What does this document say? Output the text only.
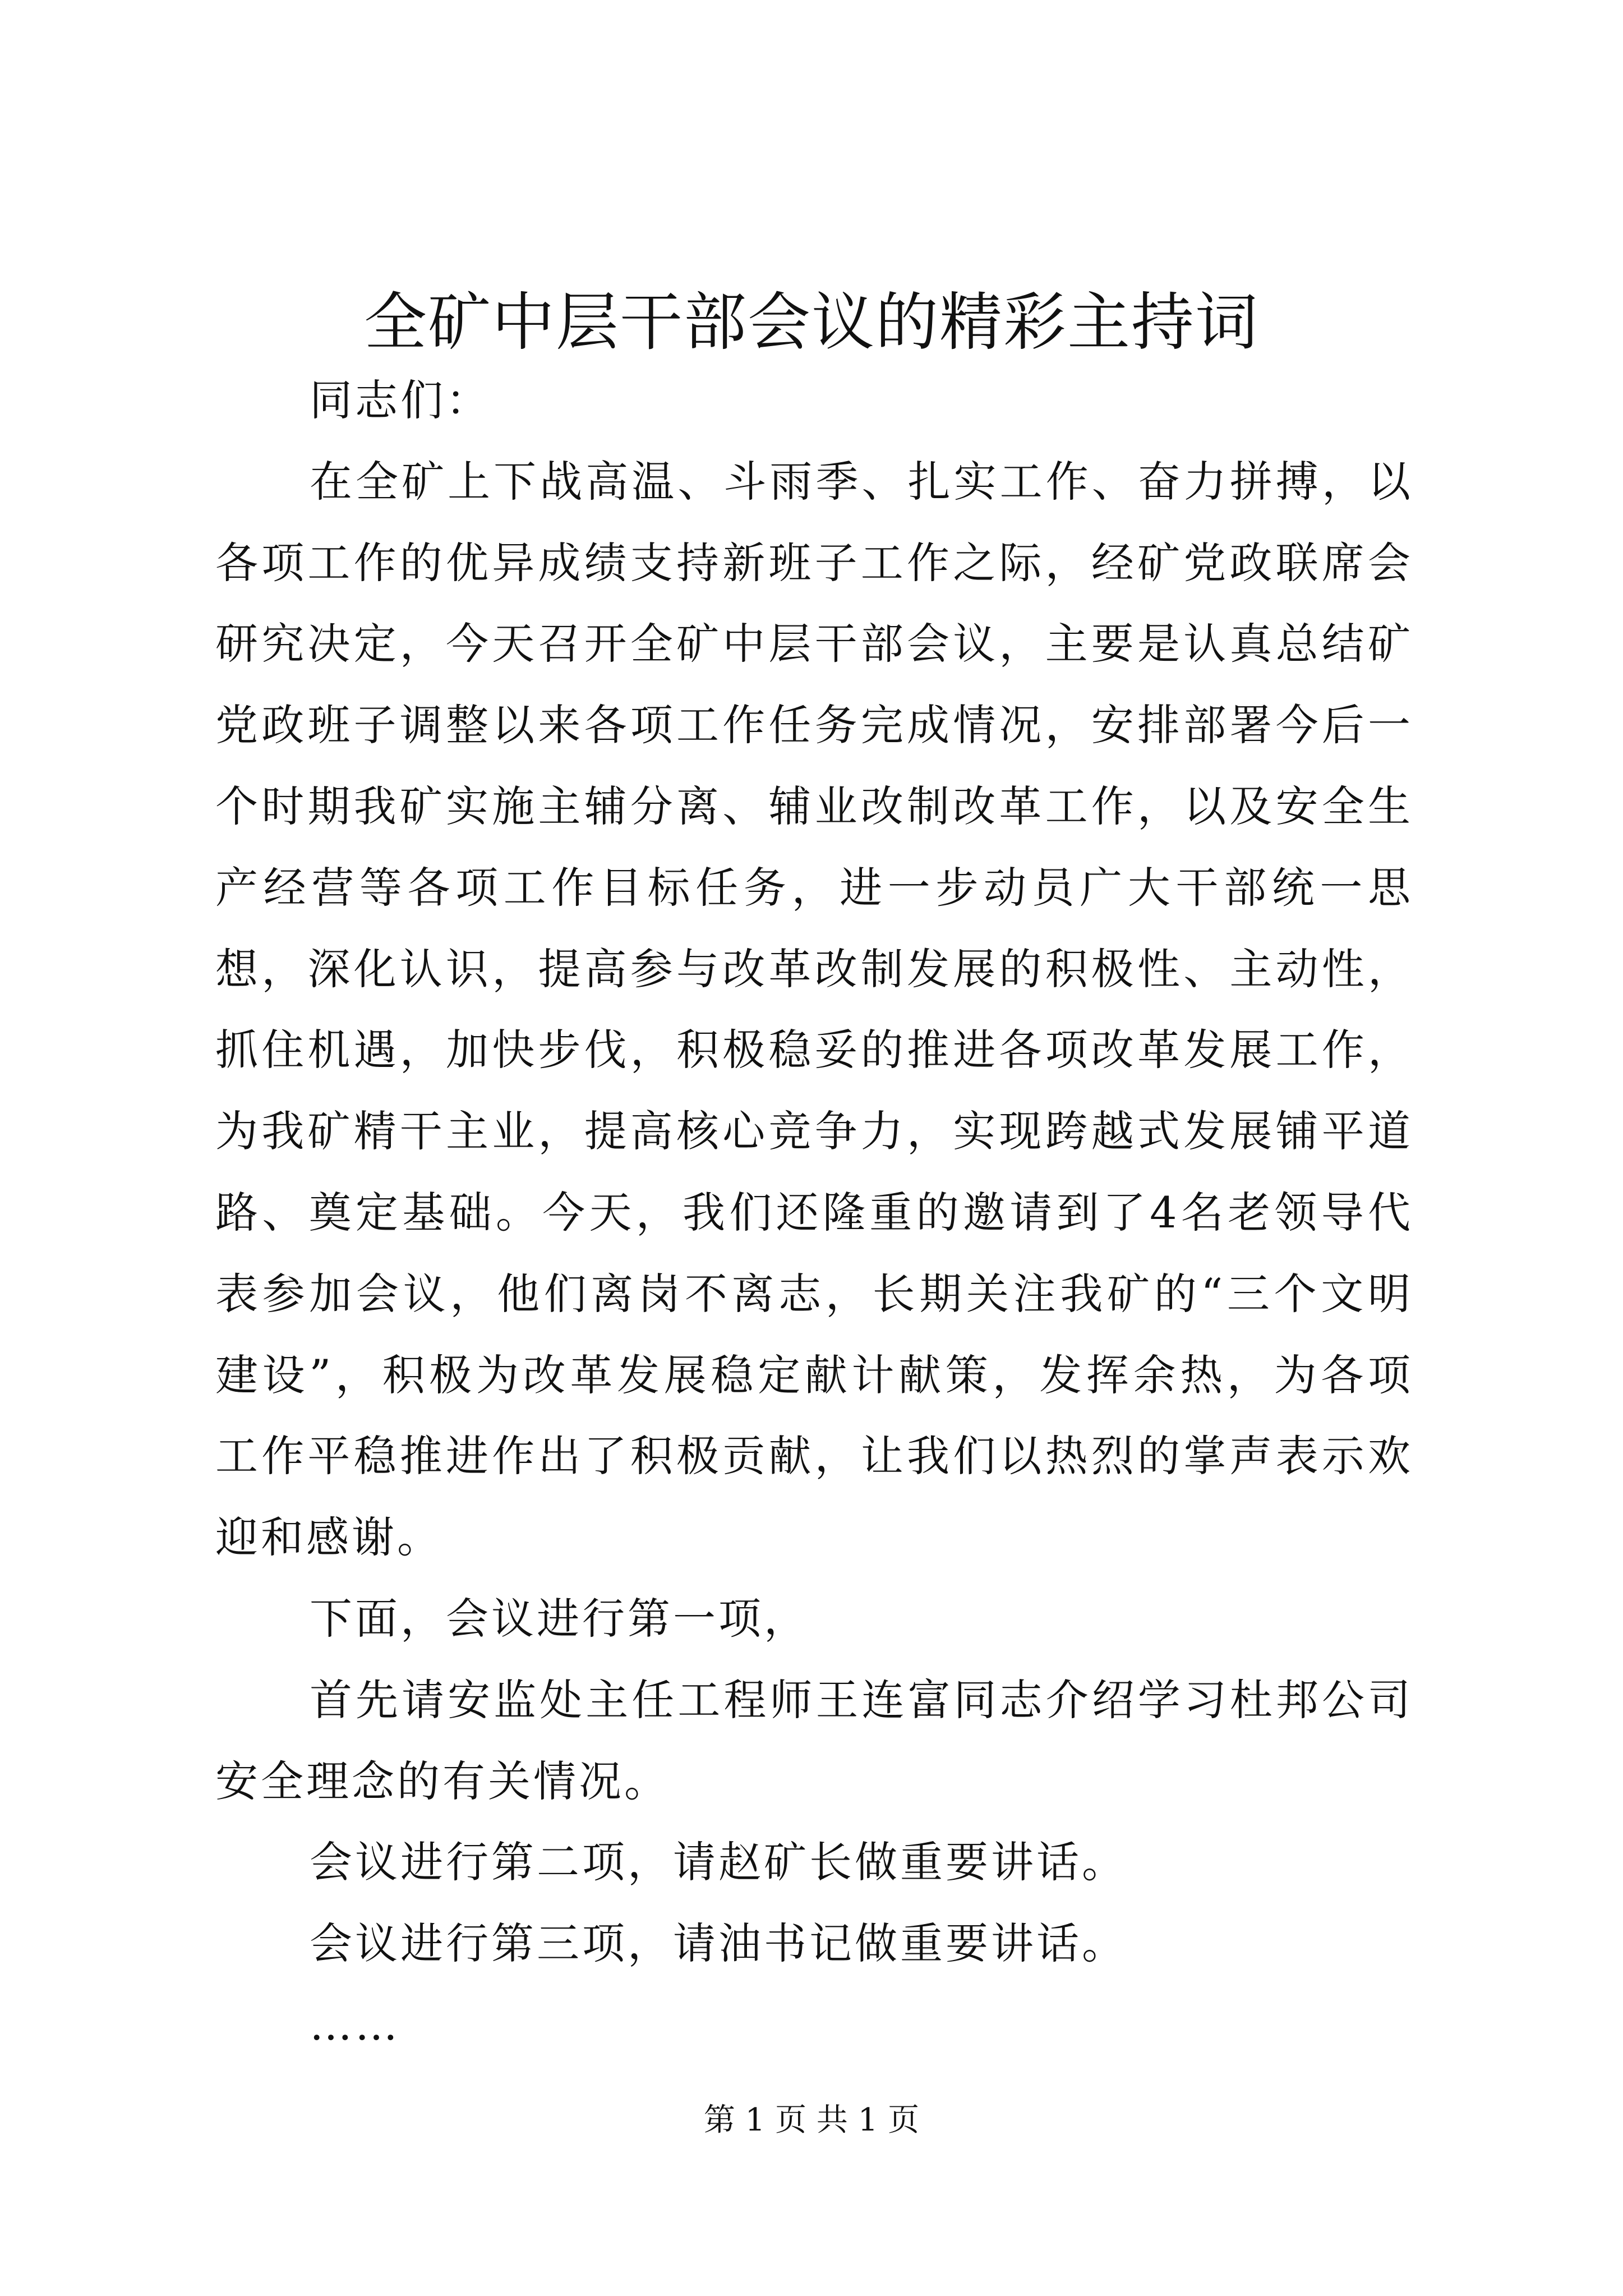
全矿中层干部会议的精彩主持词

同志们：

在全矿上下战高温、斗雨季、扎实工作、奋力拼搏，以各项工作的优异成绩支持新班子工作之际，经矿党政联席会研究决定，今天召开全矿中层干部会议，主要是认真总结矿党政班子调整以来各项工作任务完成情况，安排部署今后一个时期我矿实施主辅分离、辅业改制改革工作，以及安全生产经营等各项工作目标任务，进一步动员广大干部统一思想，深化认识，提高参与改革改制发展的积极性、主动性，抓住机遇，加快步伐，积极稳妥的推进各项改革发展工作，为我矿精干主业，提高核心竞争力，实现跨越式发展铺平道路、奠定基础。今天，我们还隆重的邀请到了4名老领导代表参加会议，他们离岗不离志，长期关注我矿的“三个文明建设”，积极为改革发展稳定献计献策，发挥余热，为各项工作平稳推进作出了积极贡献，让我们以热烈的掌声表示欢迎和感谢。

下面，会议进行第一项，

首先请安监处主任工程师王连富同志介绍学习杜邦公司安全理念的有关情况。

会议进行第二项，请赵矿长做重要讲话。

会议进行第三项，请油书记做重要讲话。

……

第 1 页 共 1 页
